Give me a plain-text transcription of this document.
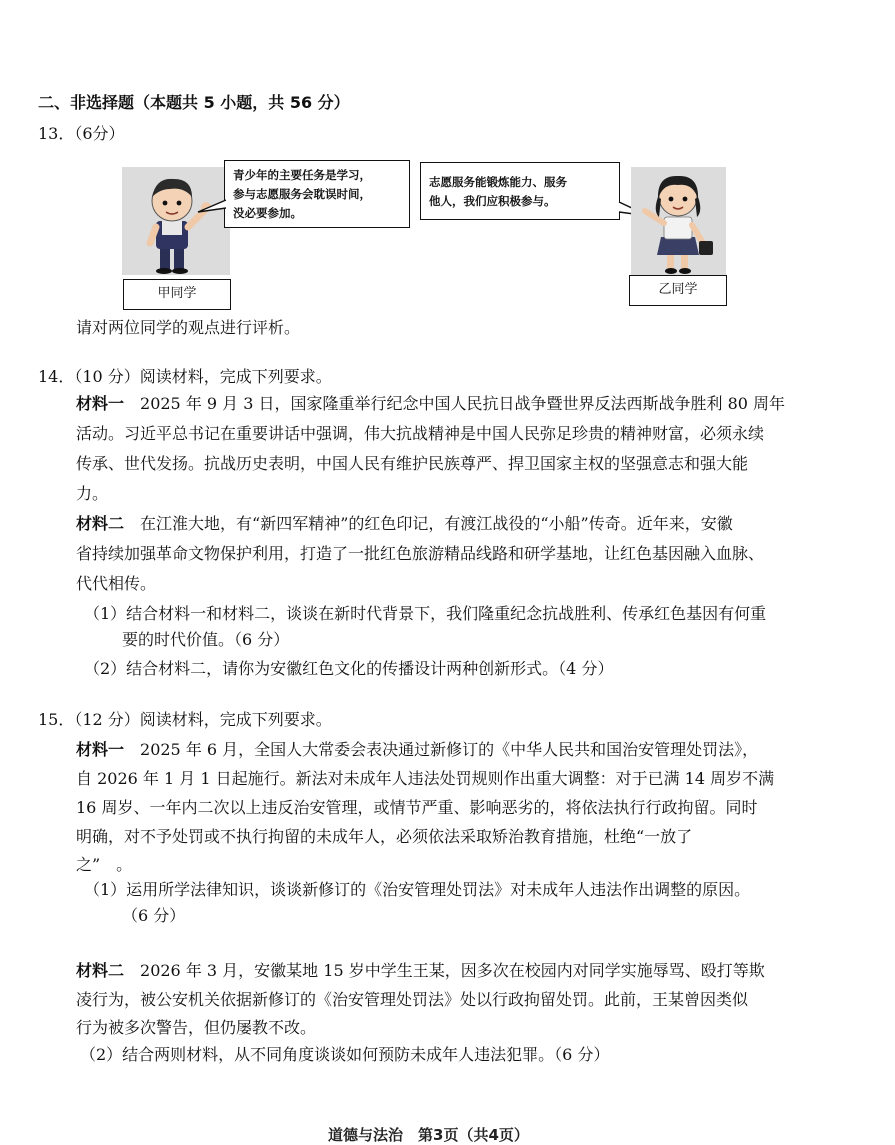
二、非选择题（本题共 5 小题，共 56 分）
13．（6分）
青少年的主要任务是学习，
参与志愿服务会耽误时间，
没必要参加。
甲同学
志愿服务能锻炼能力、服务
他人，我们应积极参与。
乙同学
请对两位同学的观点进行评析。
14．（10 分）阅读材料，完成下列要求。
材料一　2025 年 9 月 3 日，国家隆重举行纪念中国人民抗日战争暨世界反法西斯战争胜利 80 周年
活动。习近平总书记在重要讲话中强调，伟大抗战精神是中国人民弥足珍贵的精神财富，必须永续
传承、世代发扬。抗战历史表明，中国人民有维护民族尊严、捍卫国家主权的坚强意志和强大能
力。
材料二　在江淮大地，有“新四军精神”的红色印记，有渡江战役的“小船”传奇。近年来，安徽
省持续加强革命文物保护利用，打造了一批红色旅游精品线路和研学基地，让红色基因融入血脉、
代代相传。
（1）结合材料一和材料二，谈谈在新时代背景下，我们隆重纪念抗战胜利、传承红色基因有何重
要的时代价值。（6 分）
（2）结合材料二，请你为安徽红色文化的传播设计两种创新形式。（4 分）
15．（12 分）阅读材料，完成下列要求。
材料一　2025 年 6 月，全国人大常委会表决通过新修订的《中华人民共和国治安管理处罚法》，
自 2026 年 1 月 1 日起施行。新法对未成年人违法处罚规则作出重大调整：对于已满 14 周岁不满
16 周岁、一年内二次以上违反治安管理，或情节严重、影响恶劣的，将依法执行行政拘留。同时
明确，对不予处罚或不执行拘留的未成年人，必须依法采取矫治教育措施，杜绝“一放了
之”　。
（1）运用所学法律知识，谈谈新修订的《治安管理处罚法》对未成年人违法作出调整的原因。
（6 分）
材料二　2026 年 3 月，安徽某地 15 岁中学生王某，因多次在校园内对同学实施辱骂、殴打等欺
凌行为，被公安机关依据新修订的《治安管理处罚法》处以行政拘留处罚。此前，王某曾因类似
行为被多次警告，但仍屡教不改。
（2）结合两则材料，从不同角度谈谈如何预防未成年人违法犯罪。（6 分）
道德与法治　第3页（共4页）
